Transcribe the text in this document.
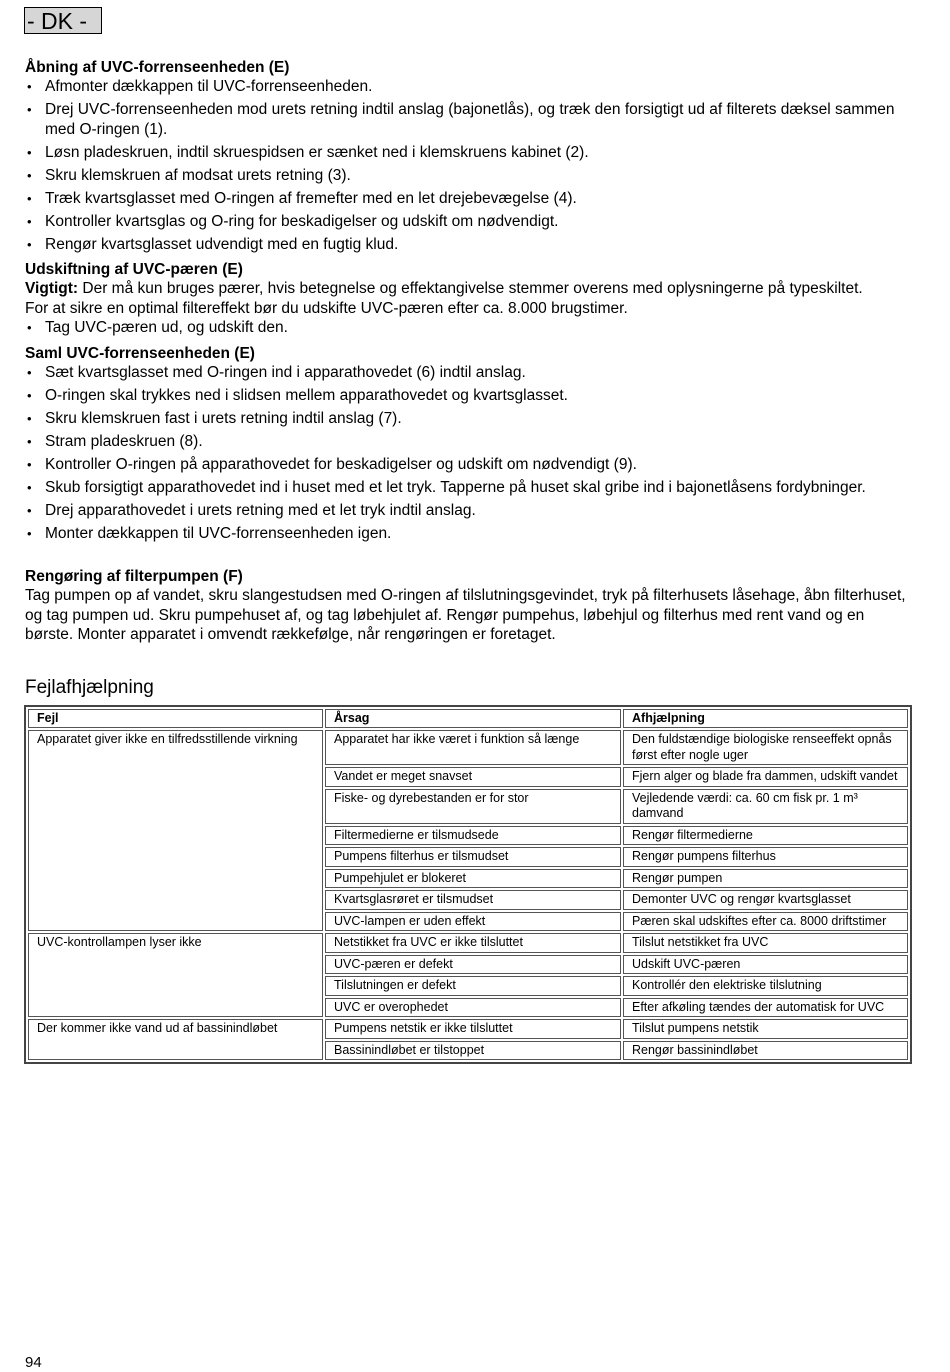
- DK -
Åbning af UVC-forrenseenheden (E)
• Afmonter dækkappen til UVC-forrenseenheden.
• Drej UVC-forrenseenheden mod urets retning indtil anslag (bajonetlås), og træk den forsigtigt ud af filterets dæksel sammen med O-ringen (1).
• Løsn pladeskruen, indtil skruespidsen er sænket ned i klemskruens kabinet (2).
• Skru klemskruen af modsat urets retning (3).
• Træk kvartsglasset med O-ringen af fremefter med en let drejebevægelse (4).
• Kontroller kvartsglas og O-ring for beskadigelser og udskift om nødvendigt.
• Rengør kvartsglasset udvendigt med en fugtig klud.
Udskiftning af UVC-pæren (E)

Vigtigt: Der må kun bruges pærer, hvis betegnelse og effektangivelse stemmer overens med oplysningerne på typeskiltet.

For at sikre en optimal filtereffekt bør du udskifte UVC-pæren efter ca. 8.000 brugstimer.

• Tag UVC-pæren ud, og udskift den.
Saml UVC-forrenseenheden (E)
• Sæt kvartsglasset med O-ringen ind i apparathovedet (6) indtil anslag.
• O-ringen skal trykkes ned i slidsen mellem apparathovedet og kvartsglasset.
• Skru klemskruen fast i urets retning indtil anslag (7).
• Stram pladeskruen (8).
• Kontroller O-ringen på apparathovedet for beskadigelser og udskift om nødvendigt (9).
• Skub forsigtigt apparathovedet ind i huset med et let tryk. Tapperne på huset skal gribe ind i bajonetlåsens fordybninger.
• Drej apparathovedet i urets retning med et let tryk indtil anslag.
• Monter dækkappen til UVC-forrenseenheden igen.
Rengøring af filterpumpen (F)

Tag pumpen op af vandet, skru slangestudsen med O-ringen af tilslutningsgevindet, tryk på filterhusets låsehage, åbn filterhuset, og tag pumpen ud. Skru pumpehuset af, og tag løbehjulet af. Rengør pumpehus, løbehjul og filterhus med rent vand og en børste. Monter apparatet i omvendt rækkefølge, når rengøringen er foretaget.

Fejlafhjælpning
Fejl	Årsag	Afhjælpning
Apparatet giver ikke en tilfredsstillende virkning	Apparatet har ikke været i funktion så længe	Den fuldstændige biologiske renseeffekt opnås først efter nogle uger
	Vandet er meget snavset	Fjern alger og blade fra dammen, udskift vandet
	Fiske- og dyrebestanden er for stor	Vejledende værdi: ca. 60 cm fisk pr. 1 m³ damvand
	Filtermedierne er tilsmudsede	Rengør filtermedierne
	Pumpens filterhus er tilsmudset	Rengør pumpens filterhus
	Pumpehjulet er blokeret	Rengør pumpen
	Kvartsglasrøret er tilsmudset	Demonter UVC og rengør kvartsglasset
	UVC-lampen er uden effekt	Pæren skal udskiftes efter ca. 8000 driftstimer
UVC-kontrollampen lyser ikke	Netstikket fra UVC er ikke tilsluttet	Tilslut netstikket fra UVC
	UVC-pæren er defekt	Udskift UVC-pæren
	Tilslutningen er defekt	Kontrollér den elektriske tilslutning
	UVC er overophedet	Efter afkøling tændes der automatisk for UVC
Der kommer ikke vand ud af bassinindløbet	Pumpens netstik er ikke tilsluttet	Tilslut pumpens netstik
	Bassinindløbet er tilstoppet	Rengør bassinindløbet
94
